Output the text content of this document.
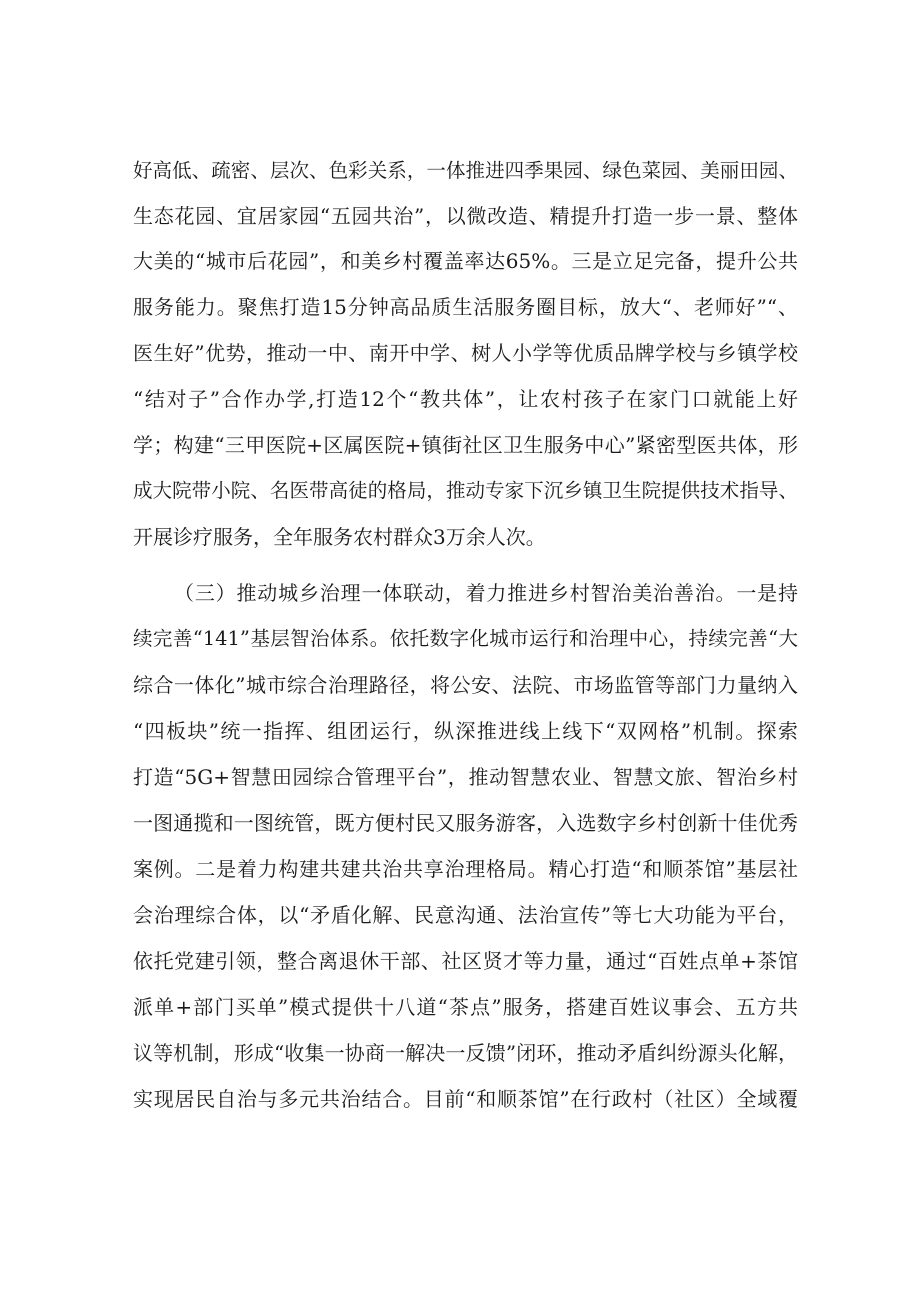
好高低、疏密、层次、色彩关系，一体推进四季果园、绿色菜园、美丽田园、
生态花园、宜居家园“五园共治”，以微改造、精提升打造一步一景、整体
大美的“城市后花园”，和美乡村覆盖率达65%。三是立足完备，提升公共
服务能力。聚焦打造15分钟高品质生活服务圈目标，放大“、老师好”“、
医生好”优势，推动一中、南开中学、树人小学等优质品牌学校与乡镇学校
“结对子”合作办学,打造12个“教共体”，让农村孩子在家门口就能上好
学；构建“三甲医院+区属医院+镇街社区卫生服务中心”紧密型医共体，形
成大院带小院、名医带高徒的格局，推动专家下沉乡镇卫生院提供技术指导、
开展诊疗服务，全年服务农村群众3万余人次。
（三）推动城乡治理一体联动，着力推进乡村智治美治善治。一是持
续完善“141”基层智治体系。依托数字化城市运行和治理中心，持续完善“大
综合一体化”城市综合治理路径，将公安、法院、市场监管等部门力量纳入
“四板块”统一指挥、组团运行，纵深推进线上线下“双网格”机制。探索
打造“5G+智慧田园综合管理平台”，推动智慧农业、智慧文旅、智治乡村
一图通揽和一图统管，既方便村民又服务游客，入选数字乡村创新十佳优秀
案例。二是着力构建共建共治共享治理格局。精心打造“和顺茶馆”基层社
会治理综合体，以“矛盾化解、民意沟通、法治宣传”等七大功能为平台，
依托党建引领，整合离退休干部、社区贤才等力量，通过“百姓点单+茶馆
派单+部门买单”模式提供十八道“茶点”服务，搭建百姓议事会、五方共
议等机制，形成“收集一协商一解决一反馈”闭环，推动矛盾纠纷源头化解，
实现居民自治与多元共治结合。目前“和顺茶馆”在行政村（社区）全域覆
